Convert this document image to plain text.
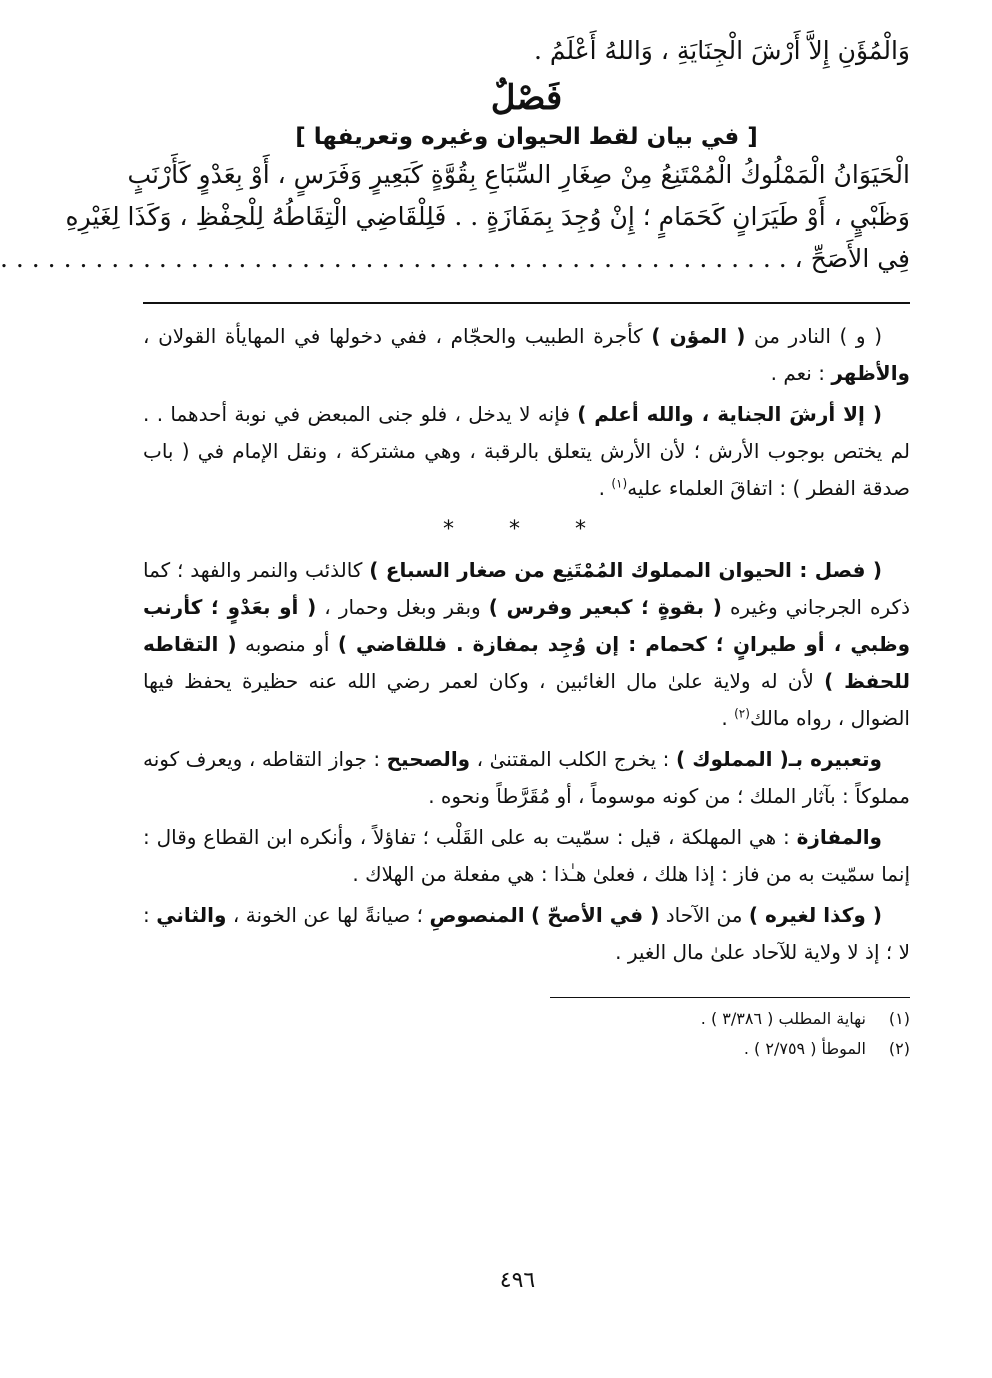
وَالْمُؤَنِ إِلاَّ أَرْشَ الْجِنَايَةِ ، وَاللهُ أَعْلَمُ .
فَصْلٌ
[ في بيان لقط الحيوان وغيره وتعريفها ]
الْحَيَوَانُ الْمَمْلُوكُ الْمُمْتَنِعُ مِنْ صِغَارِ السِّبَاعِ بِقُوَّةٍ كَبَعِيرٍ وَفَرَسٍ ، أَوْ بِعَدْوٍ كَأَرْنَبٍ
وَظَبْيٍ ، أَوْ طَيَرَانٍ كَحَمَامٍ ؛ إِنْ وُجِدَ بِمَفَازَةٍ . . فَلِلْقَاضِي الْتِقَاطُهُ لِلْحِفْظِ ، وَكَذَا لِغَيْرِهِ
فِي الأَصَحِّ ، . . . . . . . . . . . . . . . . . . . . . . . . . . . . . . . . . . . . . . . . . . . . . . . . . .

( و ) النادر من ( المؤن ) كأجرة الطبيب والحجّام ، ففي دخولها في المهايأة القولان ، والأظهر : نعم .

( إلا أرشَ الجناية ، والله أعلم ) فإنه لا يدخل ، فلو جنى المبعض في نوبة أحدهما . . لم يختص بوجوب الأرش ؛ لأن الأرش يتعلق بالرقبة ، وهي مشتركة ، ونقل الإمام في ( باب صدقة الفطر ) : اتفاقَ العلماء عليه$^{(١)}$ .

* * *

( فصل : الحيوان المملوك المُمْتَنِع من صغار السباع ) كالذئب والنمر والفهد ؛ كما ذكره الجرجاني وغيره ( بقوةٍ ؛ كبعير وفرس ) وبقر وبغل وحمار ، ( أو بعَدْوٍ ؛ كأرنب وظبي ، أو طيرانٍ ؛ كحمام : إن وُجِد بمفازة . فللقاضي ) أو منصوبه ( التقاطه للحفظ ) لأن له ولاية علىٰ مال الغائبين ، وكان لعمر رضي الله عنه حظيرة يحفظ فيها الضوال ، رواه مالك$^{(٢)}$ .

وتعبيره بـ( المملوك ) : يخرج الكلب المقتنىٰ ، والصحيح : جواز التقاطه ، ويعرف كونه مملوكاً : بآثار الملك ؛ من كونه موسوماً ، أو مُقَرَّطاً ونحوه .

والمفازة : هي المهلكة ، قيل : سمّيت به على القَلْب ؛ تفاؤلاً ، وأنكره ابن القطاع وقال : إنما سمّيت به من فاز : إذا هلك ، فعلىٰ هـٰذا : هي مفعلة من الهلاك .

( وكذا لغيره ) من الآحاد ( في الأصحّ ) المنصوصِ ؛ صيانةً لها عن الخونة ، والثاني : لا ؛ إذ لا ولاية للآحاد علىٰ مال الغير .

(١)نهاية المطلب ( ٣/٣٨٦ ) .
(٢)الموطأ ( ٢/٧٥٩ ) .
٤٩٦
